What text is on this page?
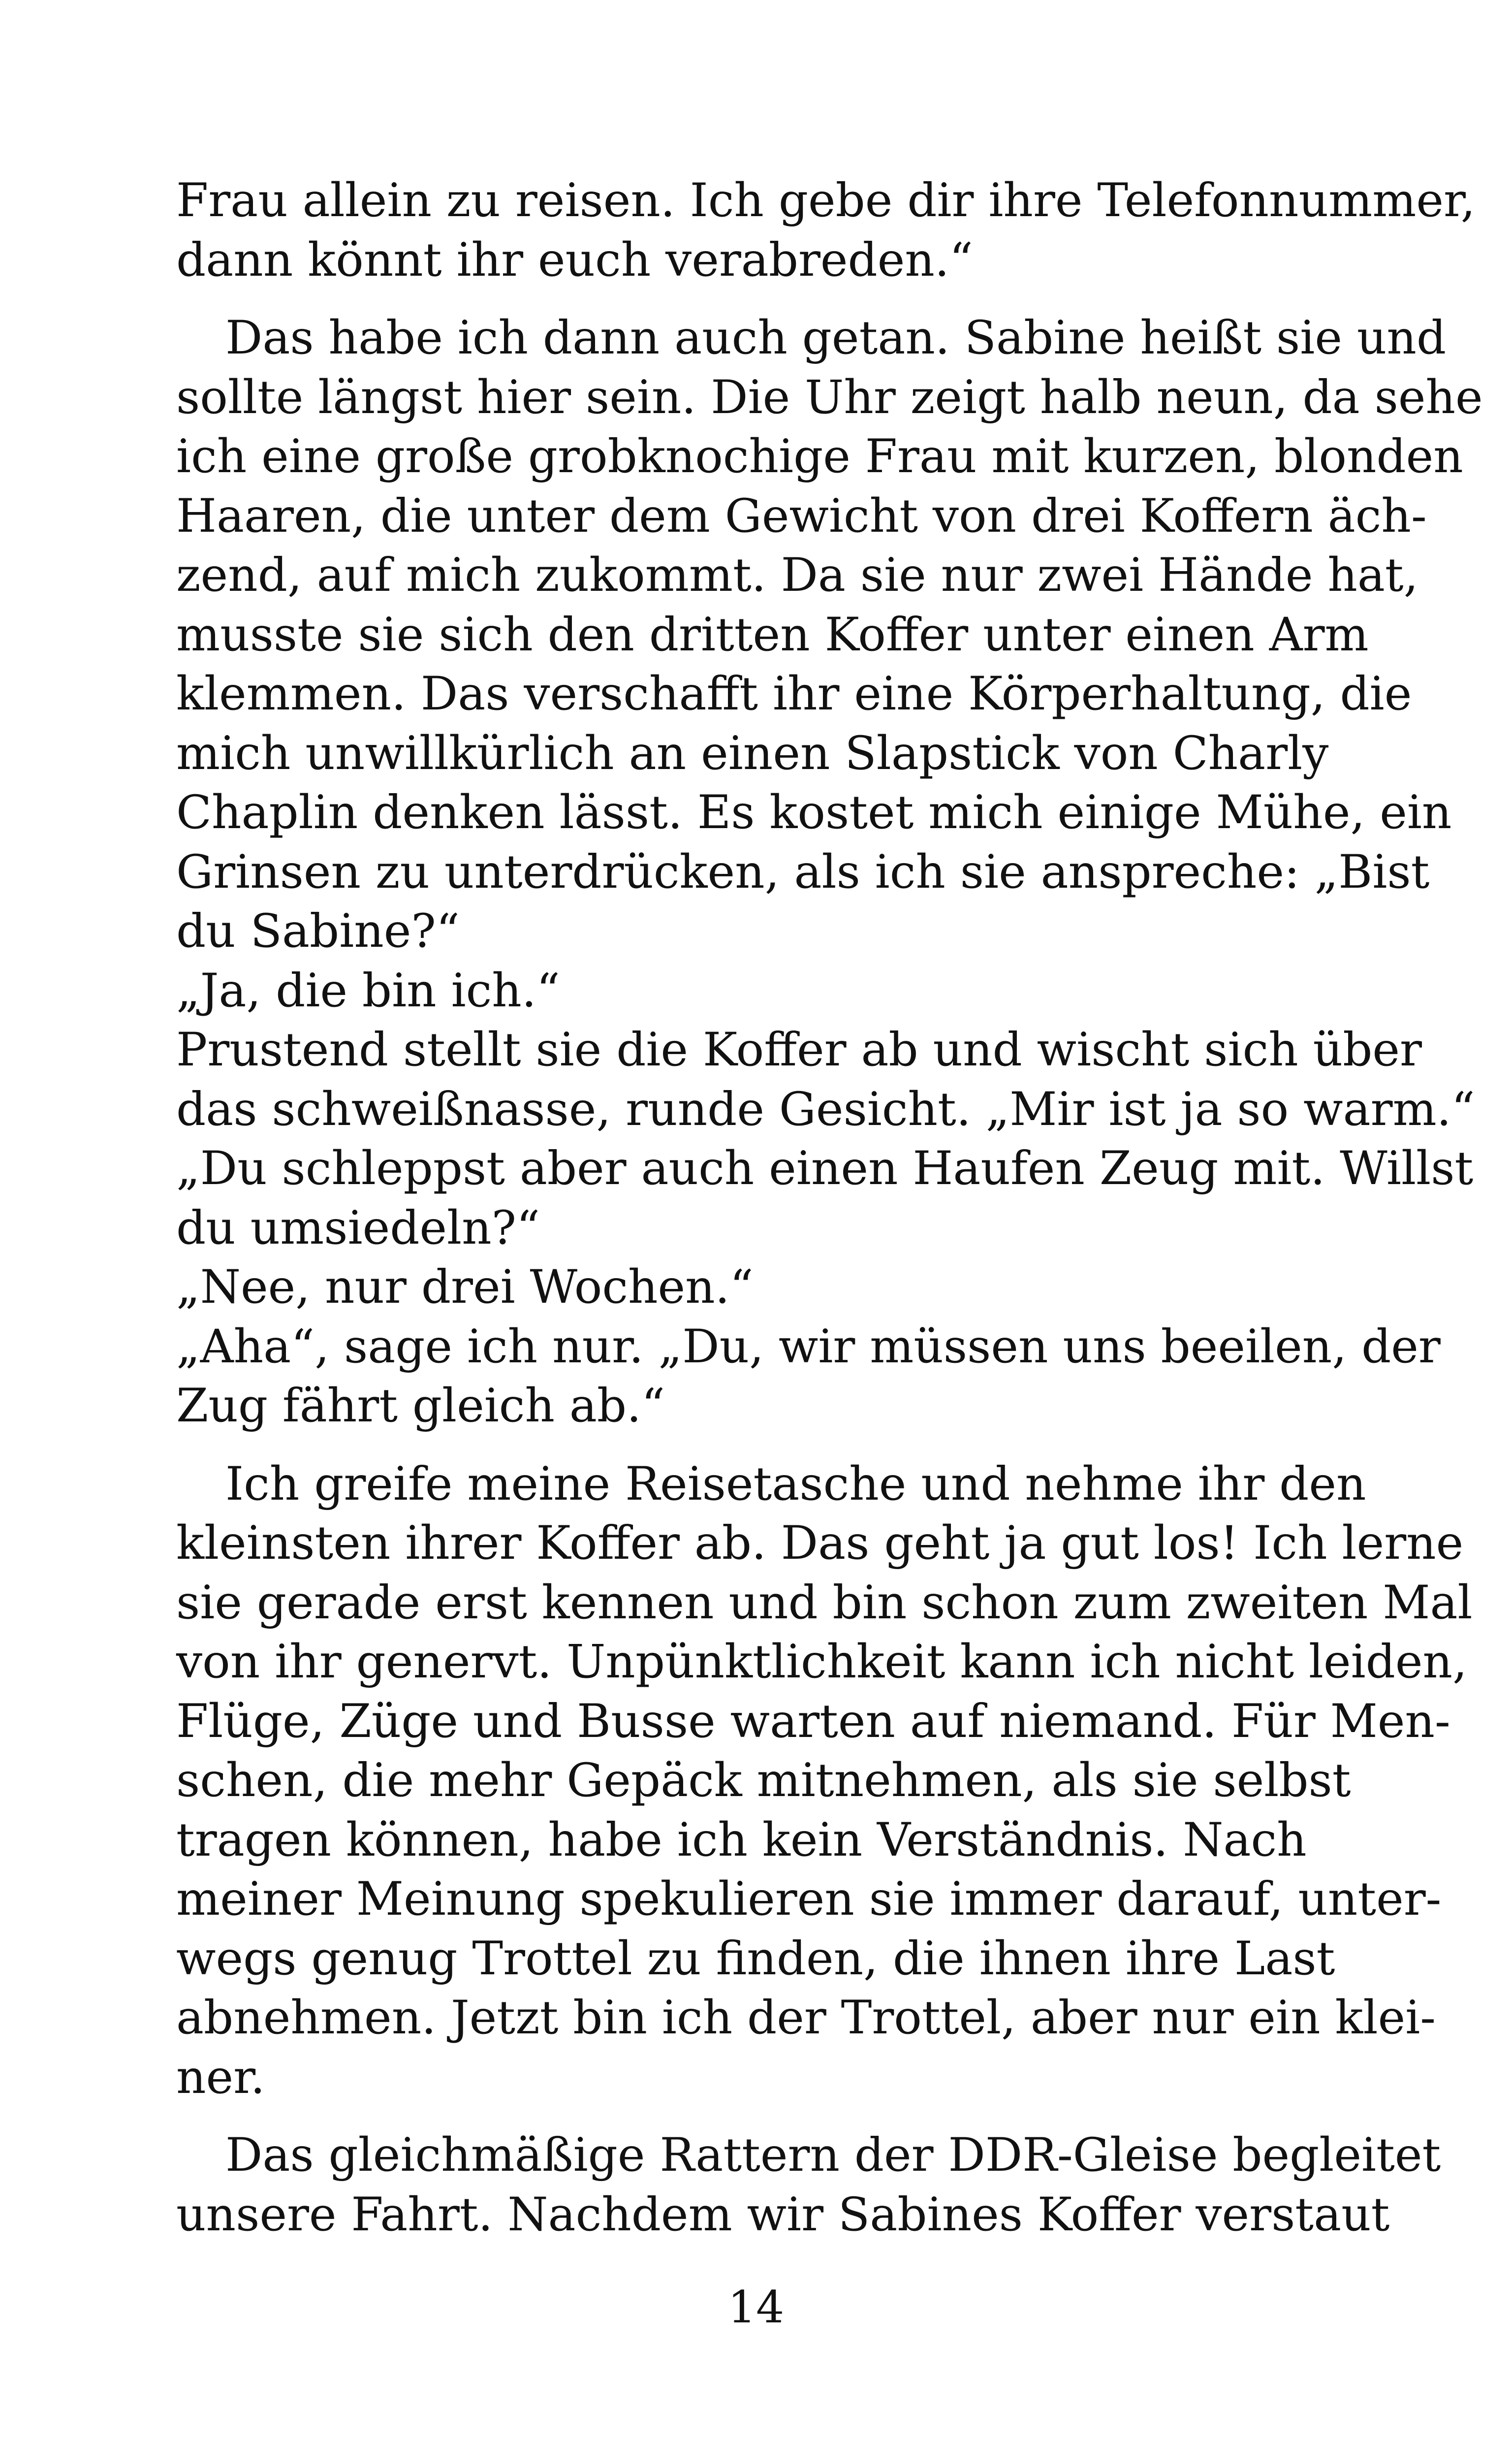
Frau allein zu reisen. Ich gebe dir ihre Telefonnummer,
dann könnt ihr euch verabreden.“
Das habe ich dann auch getan. Sabine heißt sie und
sollte längst hier sein. Die Uhr zeigt halb neun, da sehe
ich eine große grobknochige Frau mit kurzen, blonden
Haaren, die unter dem Gewicht von drei Koffern äch-
zend, auf mich zukommt. Da sie nur zwei Hände hat,
musste sie sich den dritten Koffer unter einen Arm
klemmen. Das verschafft ihr eine Körperhaltung, die
mich unwillkürlich an einen Slapstick von Charly
Chaplin denken lässt. Es kostet mich einige Mühe, ein
Grinsen zu unterdrücken, als ich sie anspreche: „Bist
du Sabine?“
„Ja, die bin ich.“
Prustend stellt sie die Koffer ab und wischt sich über
das schweißnasse, runde Gesicht. „Mir ist ja so warm.“
„Du schleppst aber auch einen Haufen Zeug mit. Willst
du umsiedeln?“
„Nee, nur drei Wochen.“
„Aha“, sage ich nur. „Du, wir müssen uns beeilen, der
Zug fährt gleich ab.“
Ich greife meine Reisetasche und nehme ihr den
kleinsten ihrer Koffer ab. Das geht ja gut los! Ich lerne
sie gerade erst kennen und bin schon zum zweiten Mal
von ihr genervt. Unpünktlichkeit kann ich nicht leiden,
Flüge, Züge und Busse warten auf niemand. Für Men-
schen, die mehr Gepäck mitnehmen, als sie selbst
tragen können, habe ich kein Verständnis. Nach
meiner Meinung spekulieren sie immer darauf, unter-
wegs genug Trottel zu finden, die ihnen ihre Last
abnehmen. Jetzt bin ich der Trottel, aber nur ein klei-
ner.
Das gleichmäßige Rattern der DDR-Gleise begleitet
unsere Fahrt. Nachdem wir Sabines Koffer verstaut
14
